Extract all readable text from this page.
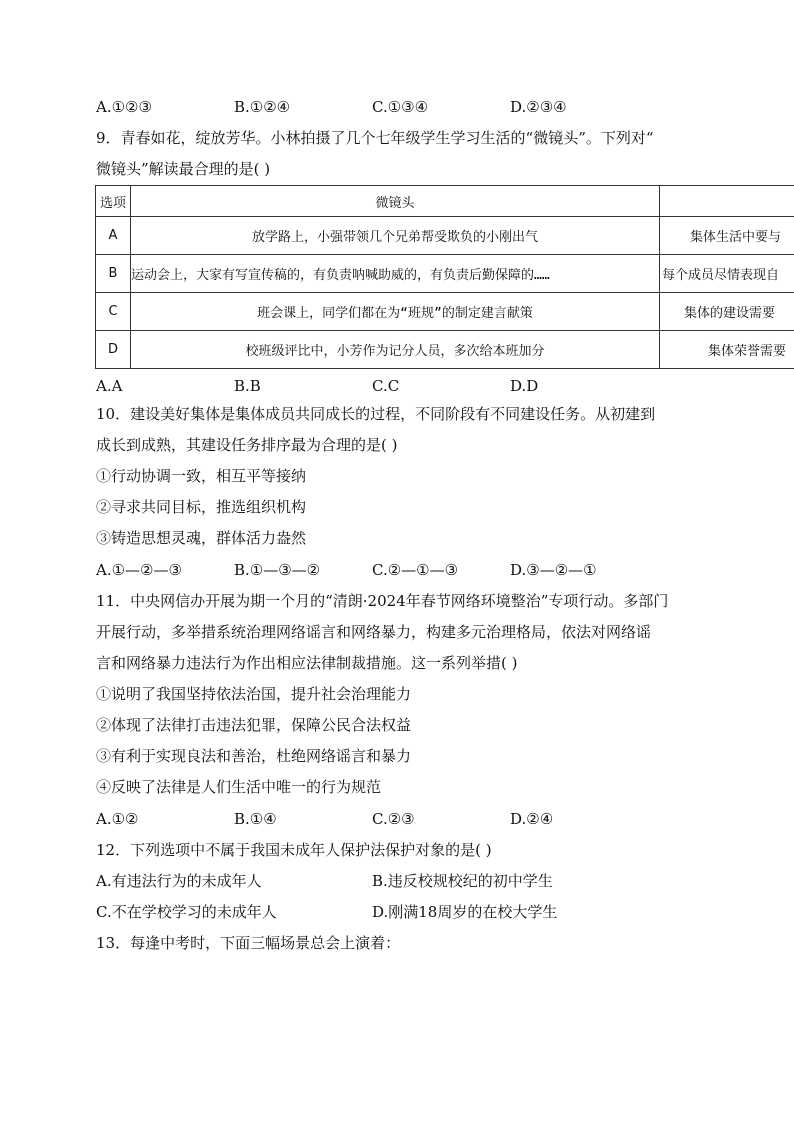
A.①②③	B.①②④	C.①③④	D.②③④
9．青春如花，绽放芳华。小林拍摄了几个七年级学生学习生活的“微镜头”。下列对“
微镜头”解读最合理的是( )
选项	微镜头	
A	放学路上，小强带领几个兄弟帮受欺负的小刚出气	集体生活中要与
B	运动会上，大家有写宣传稿的，有负责呐喊助威的，有负责后勤保障的……	每个成员尽情表现自
C	班会课上，同学们都在为“班规”的制定建言献策	集体的建设需要
D	校班级评比中，小芳作为记分人员，多次给本班加分	集体荣誉需要
A.A	B.B	C.C	D.D
10．建设美好集体是集体成员共同成长的过程，不同阶段有不同建设任务。从初建到
成长到成熟，其建设任务排序最为合理的是( )
①行动协调一致，相互平等接纳
②寻求共同目标，推选组织机构
③铸造思想灵魂，群体活力盎然
A.①—②—③	B.①—③—②	C.②—①—③	D.③—②—①
11．中央网信办开展为期一个月的“清朗·2024年春节网络环境整治”专项行动。多部门
开展行动，多举措系统治理网络谣言和网络暴力，构建多元治理格局，依法对网络谣
言和网络暴力违法行为作出相应法律制裁措施。这一系列举措( )
①说明了我国坚持依法治国，提升社会治理能力
②体现了法律打击违法犯罪，保障公民合法权益
③有利于实现良法和善治，杜绝网络谣言和暴力
④反映了法律是人们生活中唯一的行为规范
A.①②	B.①④	C.②③	D.②④
12．下列选项中不属于我国未成年人保护法保护对象的是( )
A.有违法行为的未成年人	B.违反校规校纪的初中学生
C.不在学校学习的未成年人	D.刚满18周岁的在校大学生
13．每逢中考时，下面三幅场景总会上演着：
